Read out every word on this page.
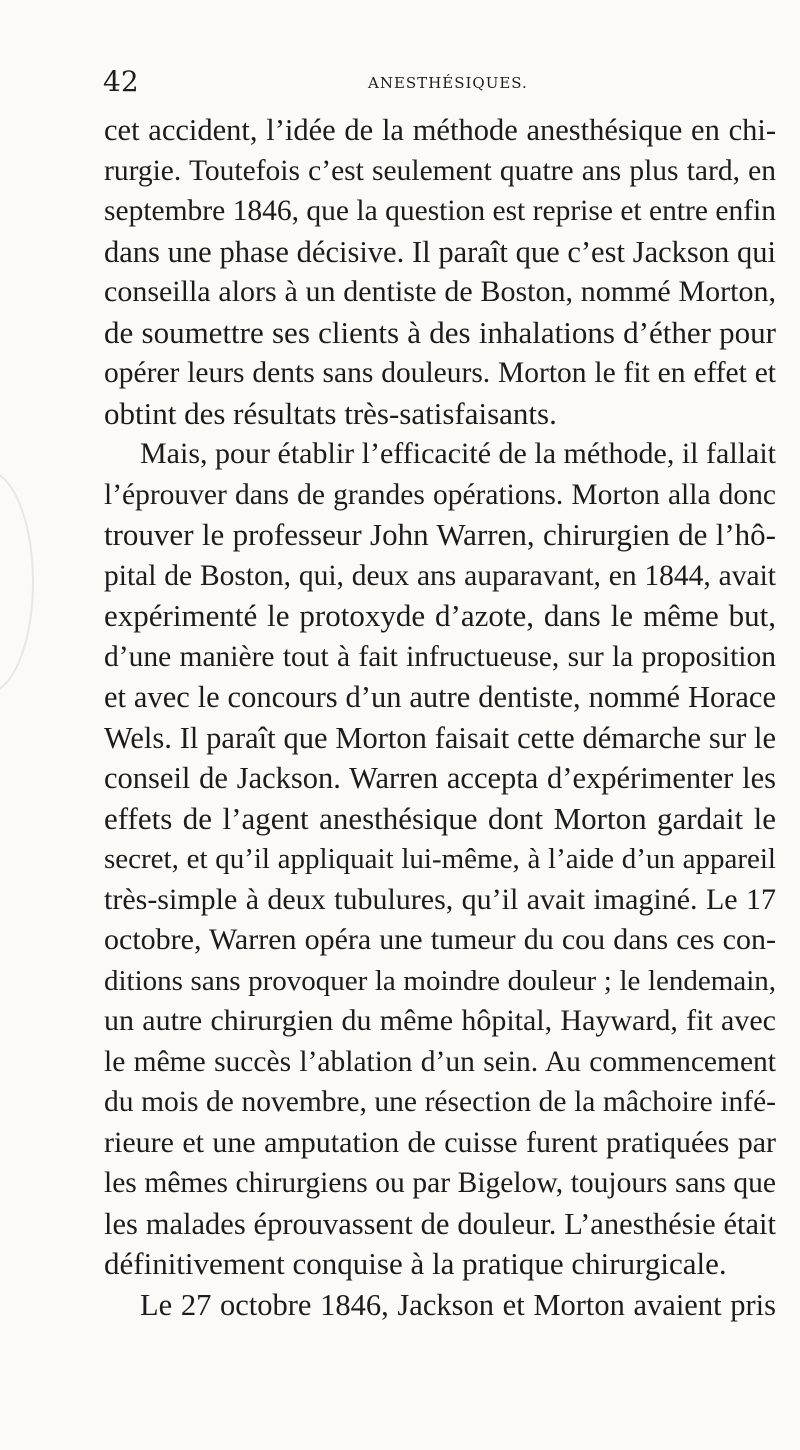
42	ANESTHÉSIQUES.
cet accident, l’idée de la méthode anesthésique en chi-
rurgie. Toutefois c’est seulement quatre ans plus tard, en
septembre 1846, que la question est reprise et entre enfin
dans une phase décisive. Il paraît que c’est Jackson qui
conseilla alors à un dentiste de Boston, nommé Morton,
de soumettre ses clients à des inhalations d’éther pour
opérer leurs dents sans douleurs. Morton le fit en effet et
obtint des résultats très-satisfaisants.
Mais, pour établir l’efficacité de la méthode, il fallait
l’éprouver dans de grandes opérations. Morton alla donc
trouver le professeur John Warren, chirurgien de l’hô-
pital de Boston, qui, deux ans auparavant, en 1844, avait
expérimenté le protoxyde d’azote, dans le même but,
d’une manière tout à fait infructueuse, sur la proposition
et avec le concours d’un autre dentiste, nommé Horace
Wels. Il paraît que Morton faisait cette démarche sur le
conseil de Jackson. Warren accepta d’expérimenter les
effets de l’agent anesthésique dont Morton gardait le
secret, et qu’il appliquait lui-même, à l’aide d’un appareil
très-simple à deux tubulures, qu’il avait imaginé. Le 17
octobre, Warren opéra une tumeur du cou dans ces con-
ditions sans provoquer la moindre douleur ; le lendemain,
un autre chirurgien du même hôpital, Hayward, fit avec
le même succès l’ablation d’un sein. Au commencement
du mois de novembre, une résection de la mâchoire infé-
rieure et une amputation de cuisse furent pratiquées par
les mêmes chirurgiens ou par Bigelow, toujours sans que
les malades éprouvassent de douleur. L’anesthésie était
définitivement conquise à la pratique chirurgicale.
Le 27 octobre 1846, Jackson et Morton avaient pris
